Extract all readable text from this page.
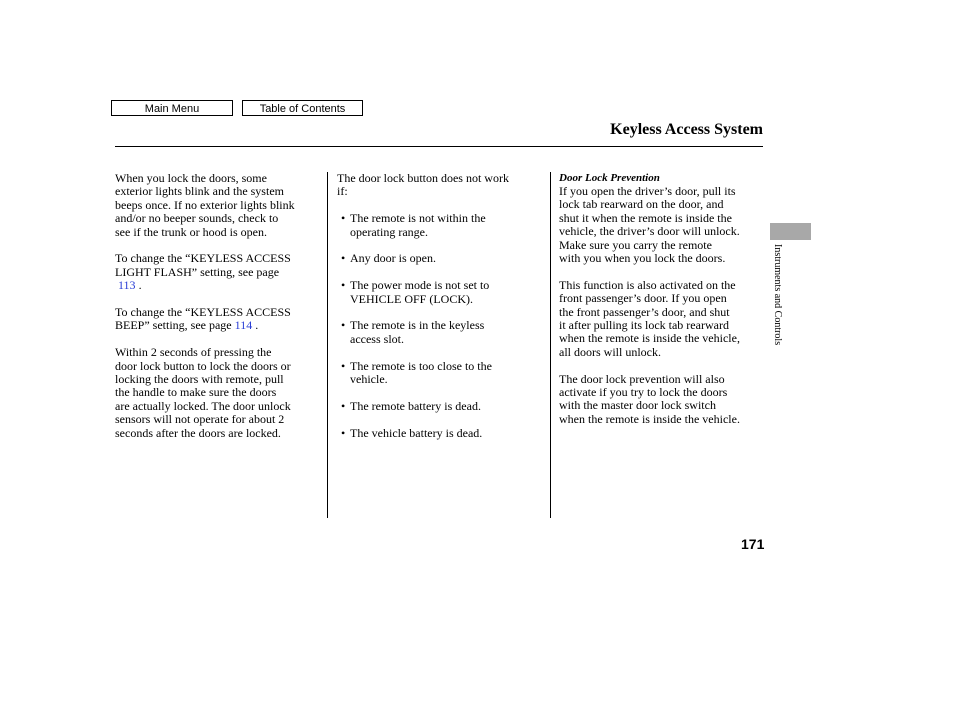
Main Menu	Table of Contents
Keyless Access System

When you lock the doors, some
exterior lights blink and the system
beeps once. If no exterior lights blink
and/or no beeper sounds, check to
see if the trunk or hood is open.

To change the “KEYLESS ACCESS
LIGHT FLASH” setting, see page
113 .

To change the “KEYLESS ACCESS
BEEP” setting, see page 114 .

Within 2 seconds of pressing the
door lock button to lock the doors or
locking the doors with remote, pull
the handle to make sure the doors
are actually locked. The door unlock
sensors will not operate for about 2
seconds after the doors are locked.

The door lock button does not work
if:

• The remote is not within the
operating range.
• Any door is open.
• The power mode is not set to
VEHICLE OFF (LOCK).
• The remote is in the keyless
access slot.
• The remote is too close to the
vehicle.
• The remote battery is dead.
• The vehicle battery is dead.
Door Lock Prevention

If you open the driver’s door, pull its
lock tab rearward on the door, and
shut it when the remote is inside the
vehicle, the driver’s door will unlock.
Make sure you carry the remote
with you when you lock the doors.

This function is also activated on the
front passenger’s door. If you open
the front passenger’s door, and shut
it after pulling its lock tab rearward
when the remote is inside the vehicle,
all doors will unlock.

The door lock prevention will also
activate if you try to lock the doors
with the master door lock switch
when the remote is inside the vehicle.

Instruments and Controls
171
